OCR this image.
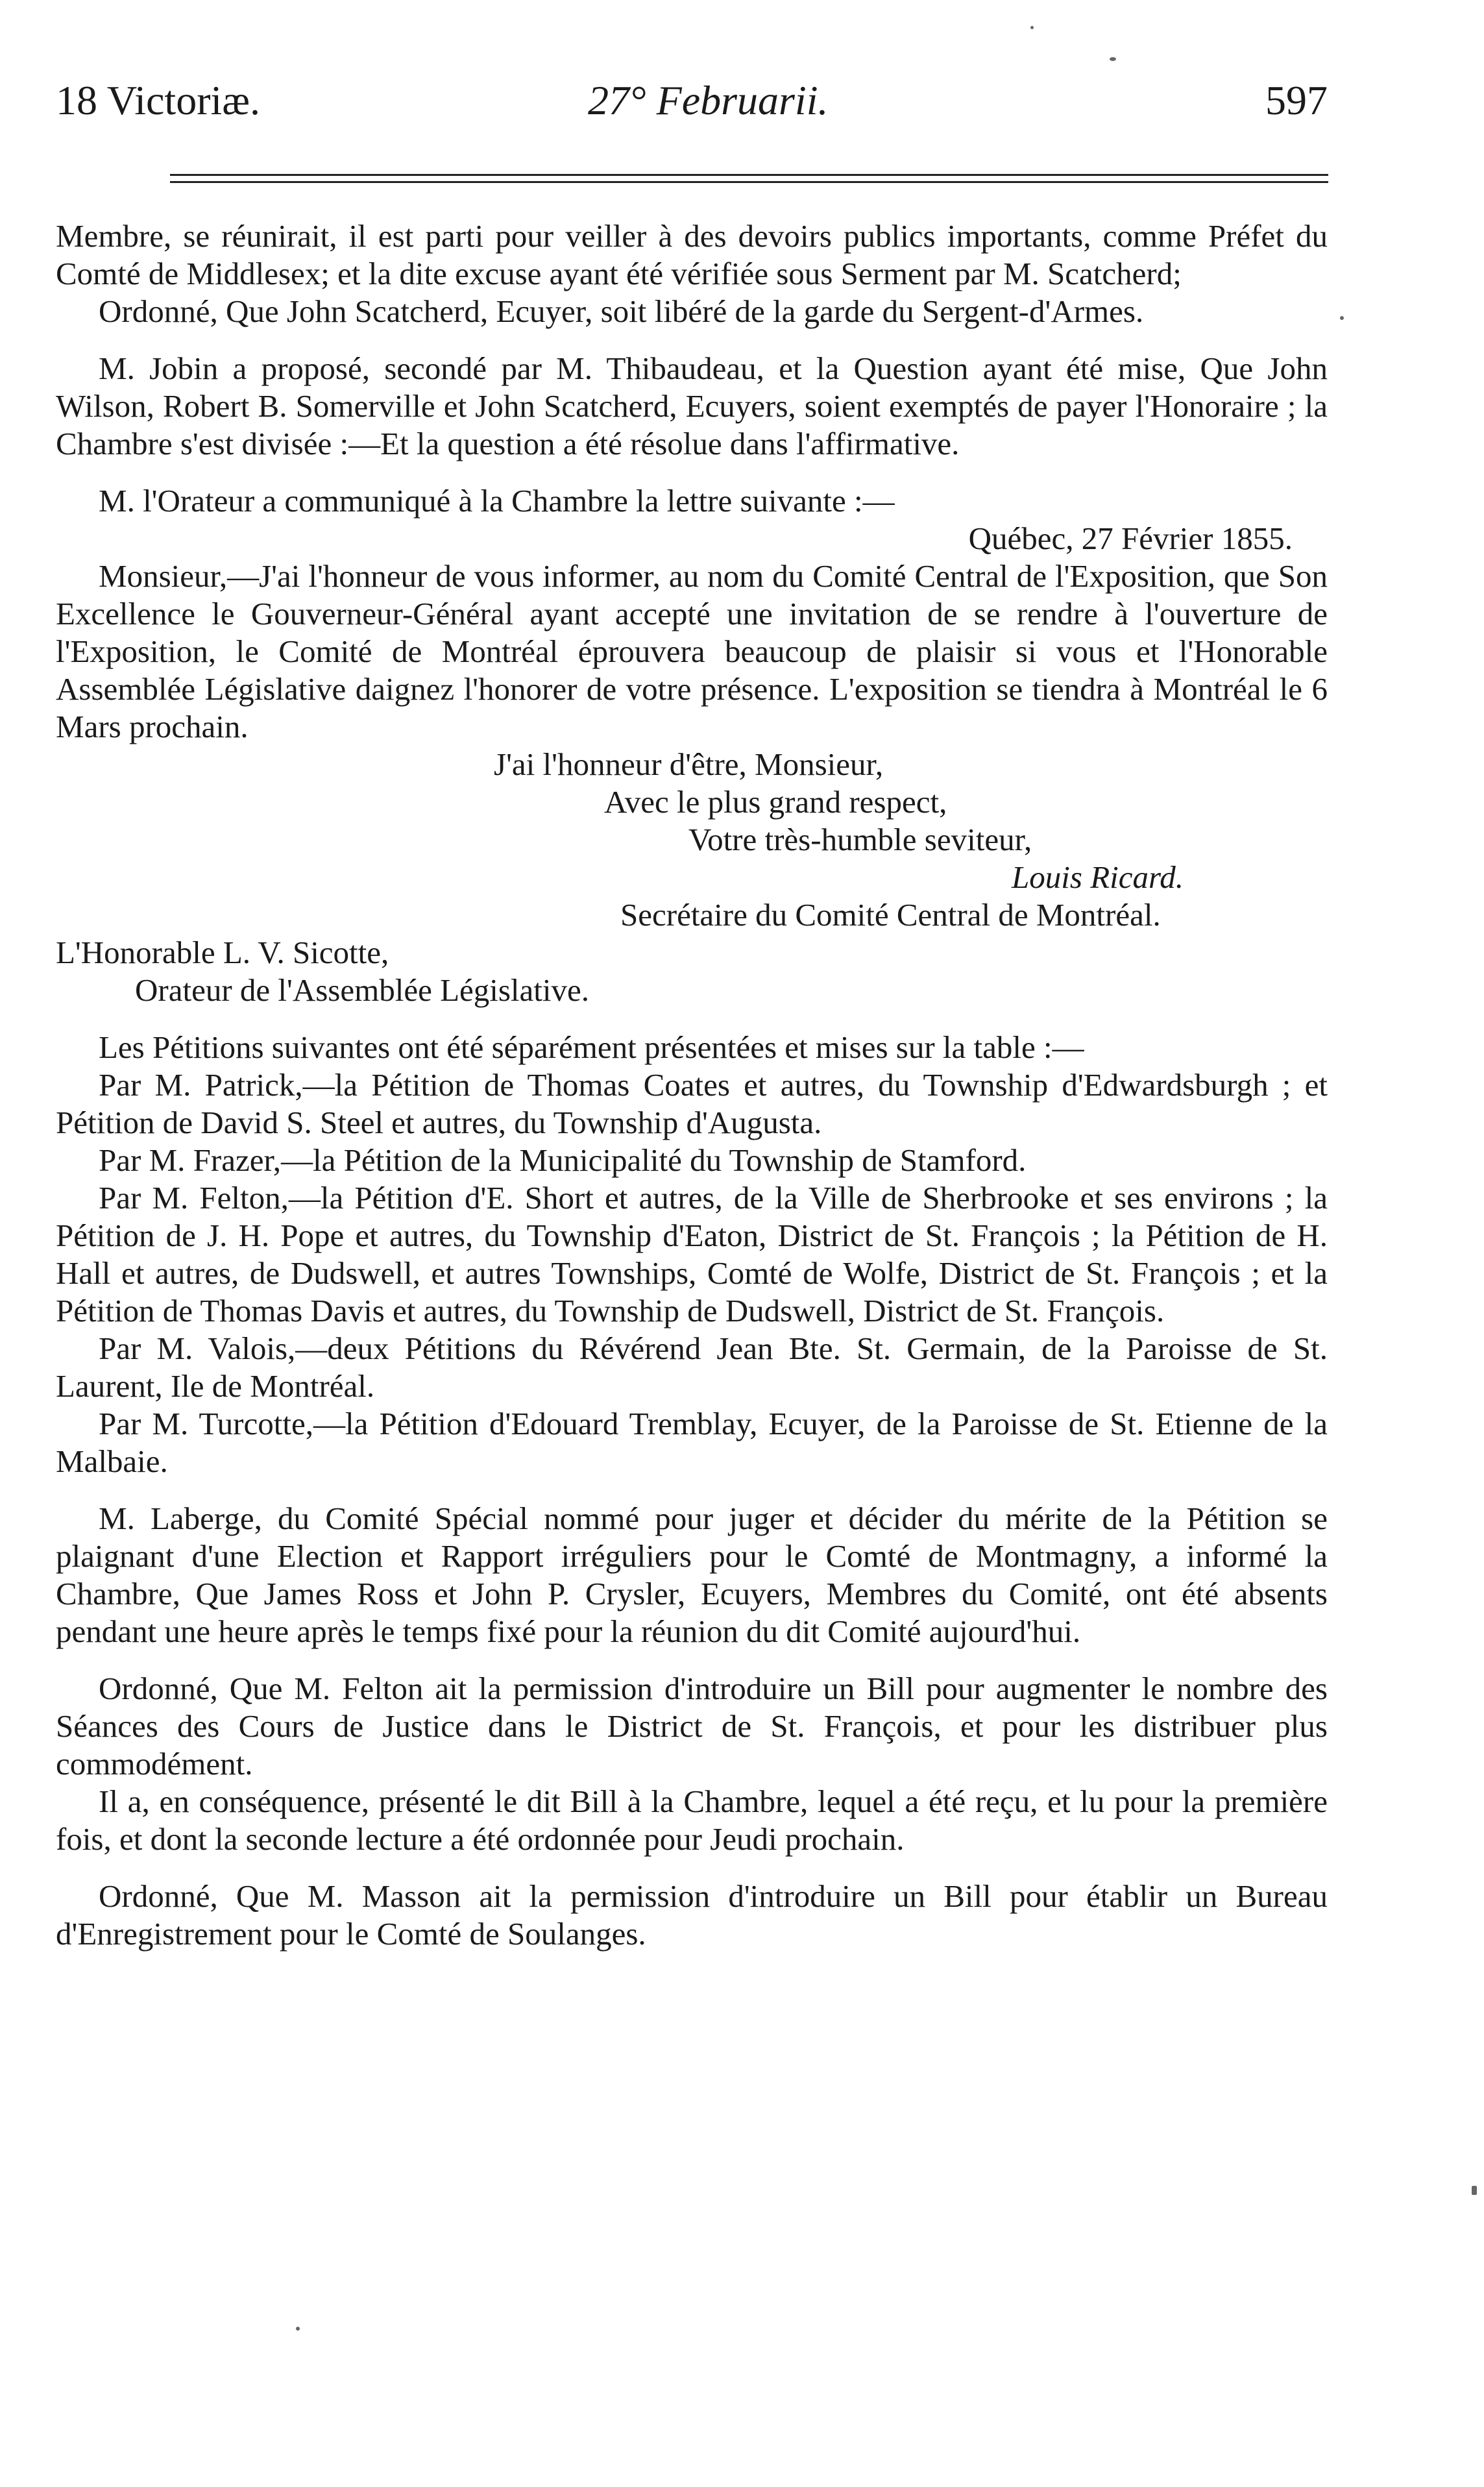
18 Victoriæ.	27° Februarii.	597

Membre, se réunirait, il est parti pour veiller à des devoirs publics importants, comme Préfet du Comté de Middlesex; et la dite excuse ayant été vérifiée sous Serment par M. Scatcherd;

Ordonné, Que John Scatcherd, Ecuyer, soit libéré de la garde du Sergent-d'Armes.

M. Jobin a proposé, secondé par M. Thibaudeau, et la Question ayant été mise, Que John Wilson, Robert B. Somerville et John Scatcherd, Ecuyers, soient exemptés de payer l'Honoraire ; la Chambre s'est divisée :—Et la question a été résolue dans l'affirmative.

M. l'Orateur a communiqué à la Chambre la lettre suivante :—

Québec, 27 Février 1855.

Monsieur,—J'ai l'honneur de vous informer, au nom du Comité Central de l'Exposition, que Son Excellence le Gouverneur-Général ayant accepté une invitation de se rendre à l'ouverture de l'Exposition, le Comité de Montréal éprouvera beaucoup de plaisir si vous et l'Honorable Assemblée Législative daignez l'honorer de votre présence. L'exposition se tiendra à Montréal le 6 Mars prochain.

J'ai l'honneur d'être, Monsieur,

Avec le plus grand respect,

Votre très-humble seviteur,

Louis Ricard.

Secrétaire du Comité Central de Montréal.

L'Honorable L. V. Sicotte,

Orateur de l'Assemblée Législative.

Les Pétitions suivantes ont été séparément présentées et mises sur la table :—

Par M. Patrick,—la Pétition de Thomas Coates et autres, du Township d'Edwardsburgh ; et Pétition de David S. Steel et autres, du Township d'Augusta.

Par M. Frazer,—la Pétition de la Municipalité du Township de Stamford.

Par M. Felton,—la Pétition d'E. Short et autres, de la Ville de Sherbrooke et ses environs ; la Pétition de J. H. Pope et autres, du Township d'Eaton, District de St. François ; la Pétition de H. Hall et autres, de Dudswell, et autres Townships, Comté de Wolfe, District de St. François ; et la Pétition de Thomas Davis et autres, du Township de Dudswell, District de St. François.

Par M. Valois,—deux Pétitions du Révérend Jean Bte. St. Germain, de la Paroisse de St. Laurent, Ile de Montréal.

Par M. Turcotte,—la Pétition d'Edouard Tremblay, Ecuyer, de la Paroisse de St. Etienne de la Malbaie.

M. Laberge, du Comité Spécial nommé pour juger et décider du mérite de la Pétition se plaignant d'une Election et Rapport irréguliers pour le Comté de Montmagny, a informé la Chambre, Que James Ross et John P. Crysler, Ecuyers, Membres du Comité, ont été absents pendant une heure après le temps fixé pour la réunion du dit Comité aujourd'hui.

Ordonné, Que M. Felton ait la permission d'introduire un Bill pour augmenter le nombre des Séances des Cours de Justice dans le District de St. François, et pour les distribuer plus commodément.

Il a, en conséquence, présenté le dit Bill à la Chambre, lequel a été reçu, et lu pour la première fois, et dont la seconde lecture a été ordonnée pour Jeudi prochain.

Ordonné, Que M. Masson ait la permission d'introduire un Bill pour établir un Bureau d'Enregistrement pour le Comté de Soulanges.
